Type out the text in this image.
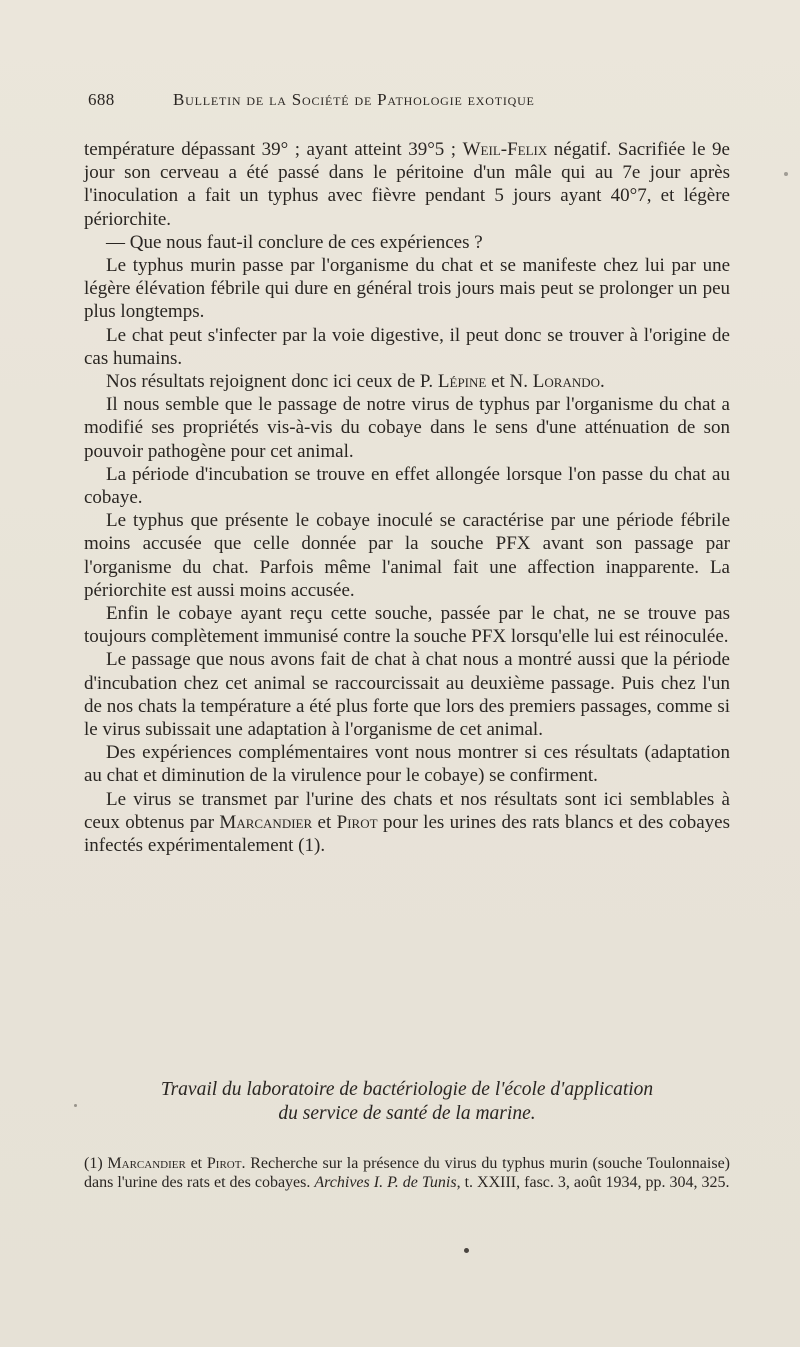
688	Bulletin de la Société de Pathologie exotique

température dépassant 39° ; ayant atteint 39°5 ; Weil-Felix négatif. Sacrifiée le 9e jour son cerveau a été passé dans le péritoine d'un mâle qui au 7e jour après l'inoculation a fait un typhus avec fièvre pendant 5 jours ayant 40°7, et légère périorchite.

— Que nous faut-il conclure de ces expériences ?

Le typhus murin passe par l'organisme du chat et se manifeste chez lui par une légère élévation fébrile qui dure en général trois jours mais peut se prolonger un peu plus longtemps.

Le chat peut s'infecter par la voie digestive, il peut donc se trouver à l'origine de cas humains.

Nos résultats rejoignent donc ici ceux de P. Lépine et N. Lorando.

Il nous semble que le passage de notre virus de typhus par l'organisme du chat a modifié ses propriétés vis-à-vis du cobaye dans le sens d'une atténuation de son pouvoir pathogène pour cet animal.

La période d'incubation se trouve en effet allongée lorsque l'on passe du chat au cobaye.

Le typhus que présente le cobaye inoculé se caractérise par une période fébrile moins accusée que celle donnée par la souche PFX avant son passage par l'organisme du chat. Parfois même l'animal fait une affection inapparente. La périorchite est aussi moins accusée.

Enfin le cobaye ayant reçu cette souche, passée par le chat, ne se trouve pas toujours complètement immunisé contre la souche PFX lorsqu'elle lui est réinoculée.

Le passage que nous avons fait de chat à chat nous a montré aussi que la période d'incubation chez cet animal se raccourcissait au deuxième passage. Puis chez l'un de nos chats la température a été plus forte que lors des premiers passages, comme si le virus subissait une adaptation à l'organisme de cet animal.

Des expériences complémentaires vont nous montrer si ces résultats (adaptation au chat et diminution de la virulence pour le cobaye) se confirment.

Le virus se transmet par l'urine des chats et nos résultats sont ici semblables à ceux obtenus par Marcandier et Pirot pour les urines des rats blancs et des cobayes infectés expérimentalement (1).

Travail du laboratoire de bactériologie de l'école d'application
du service de santé de la marine.

(1) Marcandier et Pirot. Recherche sur la présence du virus du typhus murin (souche Toulonnaise) dans l'urine des rats et des cobayes. Archives I. P. de Tunis, t. XXIII, fasc. 3, août 1934, pp. 304, 325.
